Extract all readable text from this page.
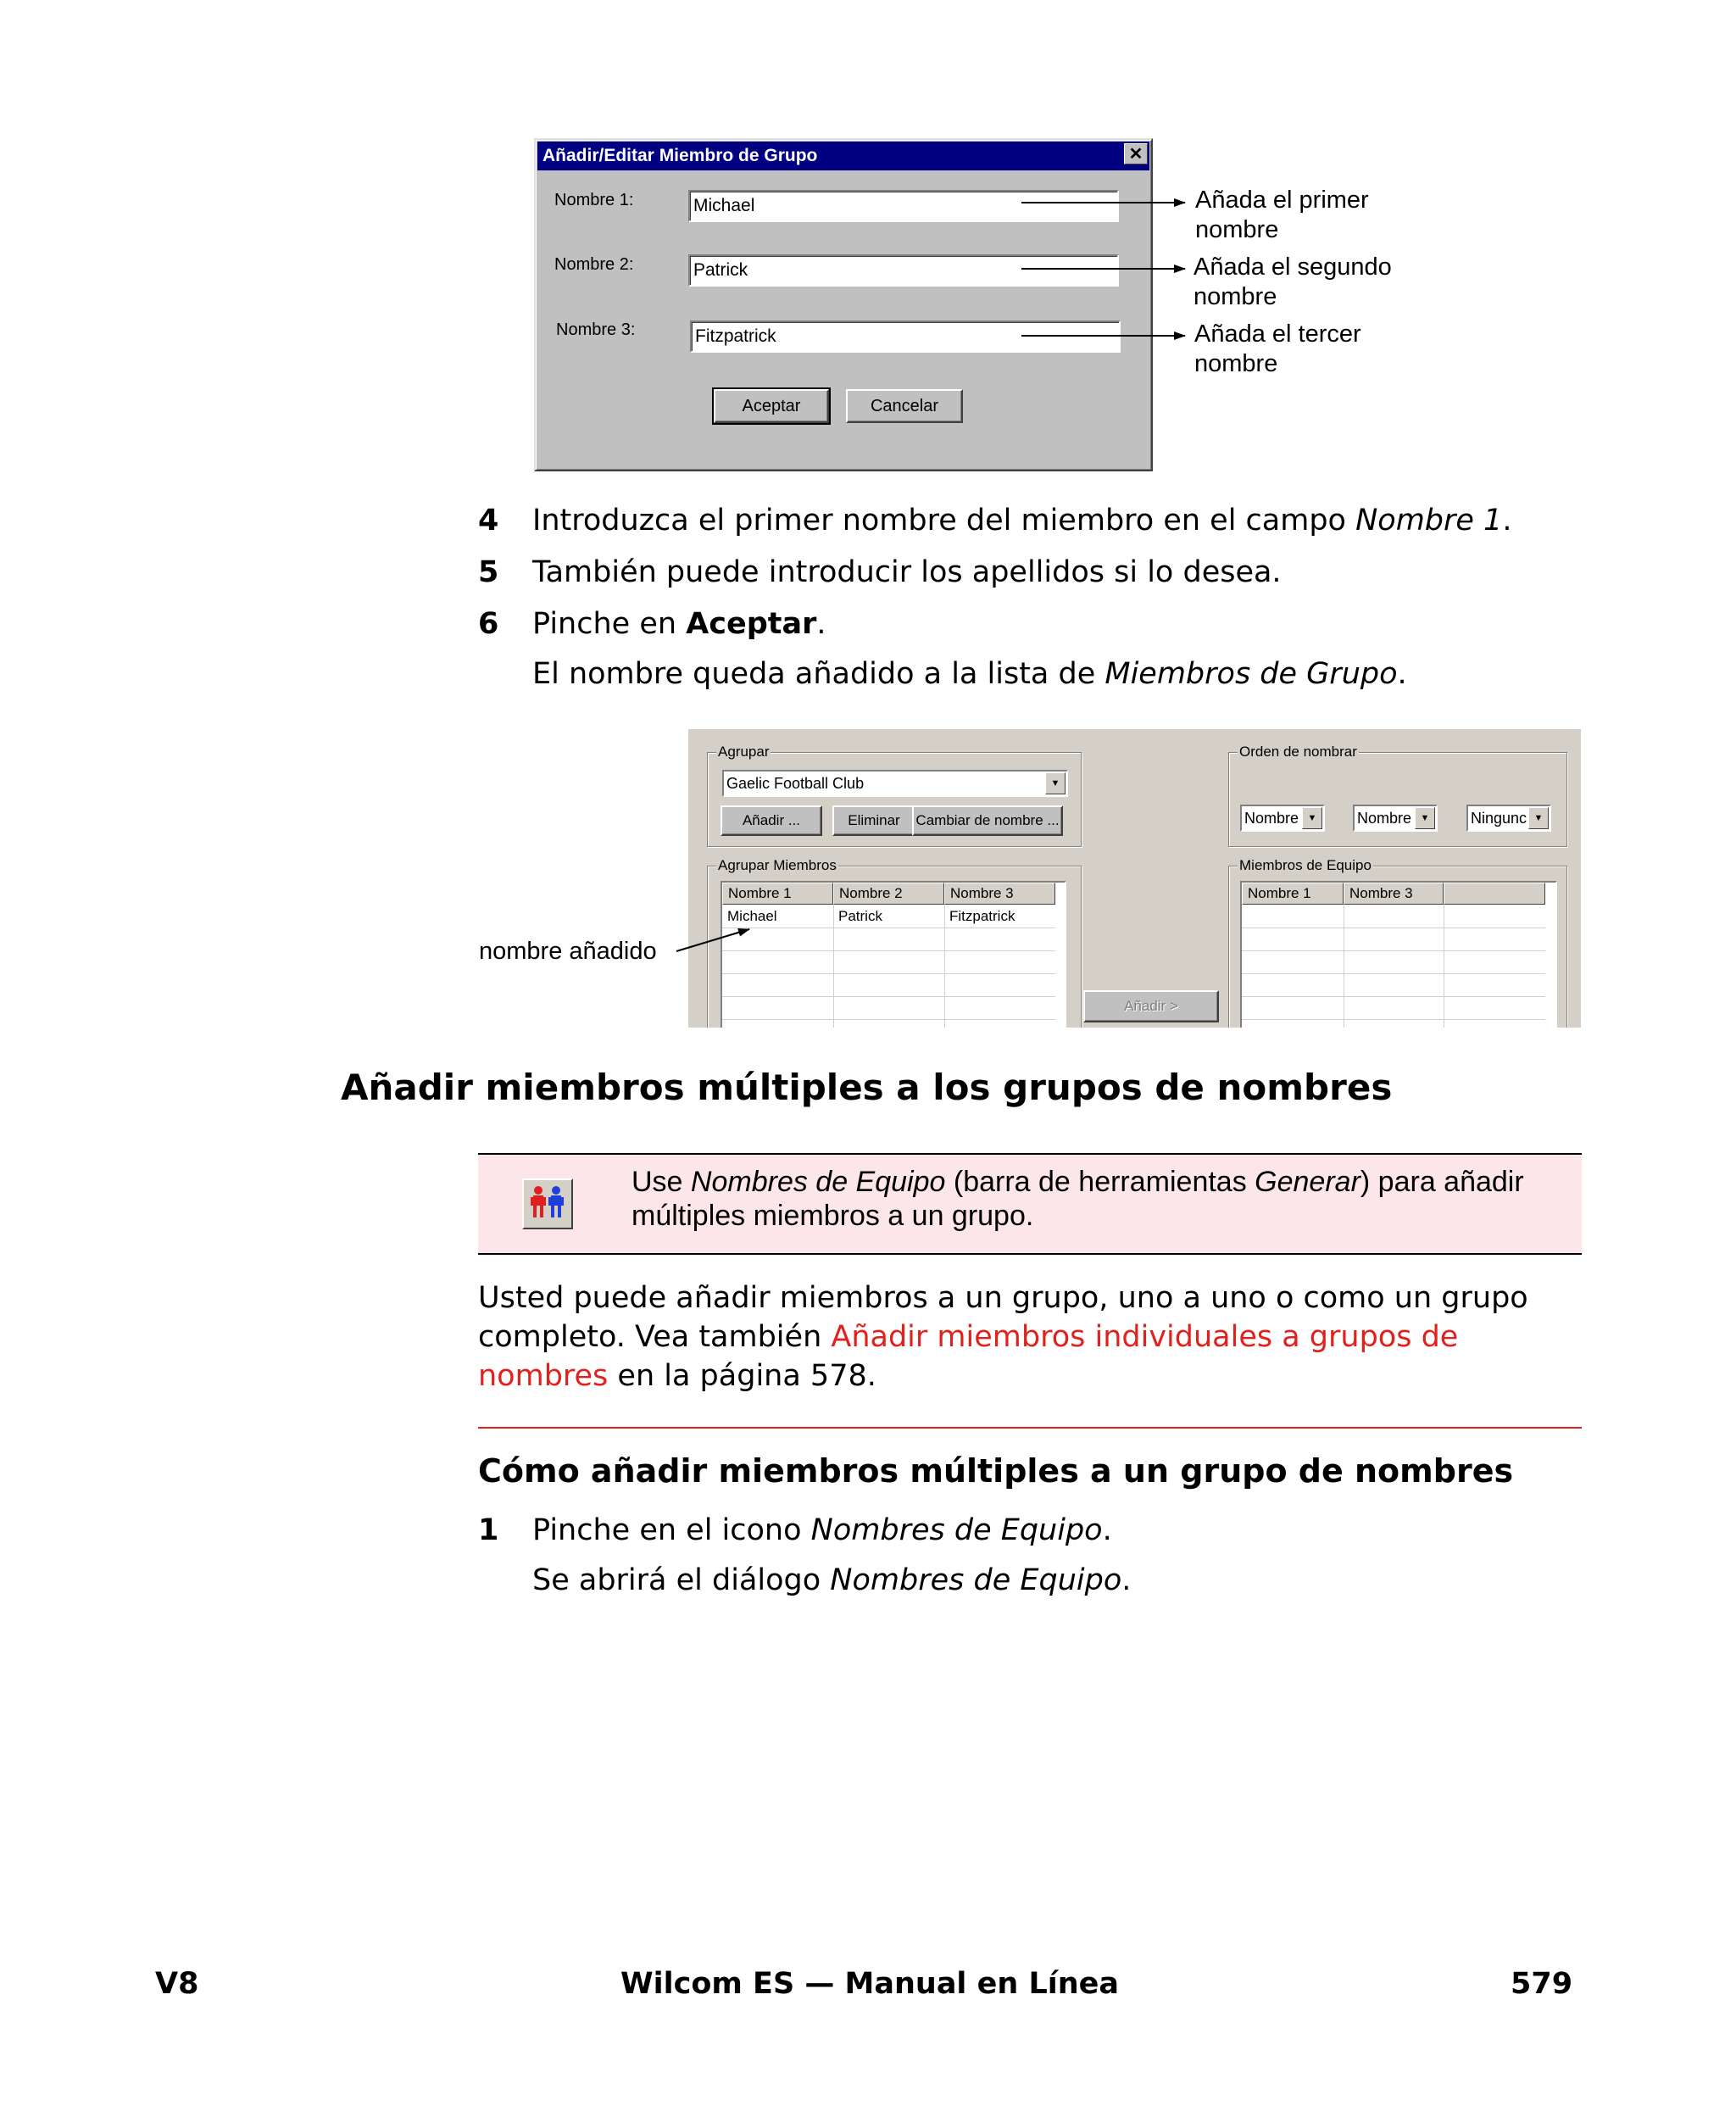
Añadir/Editar Miembro de Grupo	✕
Nombre 1:	Michael
Nombre 2:	Patrick
Nombre 3:	Fitzpatrick
Aceptar	Cancelar
Añada el primer
nombre
Añada el segundo
nombre
Añada el tercer
nombre
4 Introduzca el primer nombre del miembro en el campo Nombre 1.
5 También puede introducir los apellidos si lo desea.
6 Pinche en Aceptar.
El nombre queda añadido a la lista de Miembros de Grupo.
Agrupar
Gaelic Football Club	▼
Añadir ...	Eliminar	Cambiar de nombre ...
Orden de nombrar
Nombre ▼	Nombre ▼	Ningunc ▼
Agrupar Miembros
Nombre 1	Nombre 2	Nombre 3
Michael	Patrick	Fitzpatrick
Añadir >
Miembros de Equipo
Nombre 1	Nombre 3
nombre añadido
Añadir miembros múltiples a los grupos de nombres
Use Nombres de Equipo (barra de herramientas Generar) para añadir múltiples miembros a un grupo.
Usted puede añadir miembros a un grupo, uno a uno o como un grupo completo. Vea también Añadir miembros individuales a grupos de nombres en la página 578.
Cómo añadir miembros múltiples a un grupo de nombres
1 Pinche en el icono Nombres de Equipo.
Se abrirá el diálogo Nombres de Equipo.
V8	Wilcom ES — Manual en Línea	579
